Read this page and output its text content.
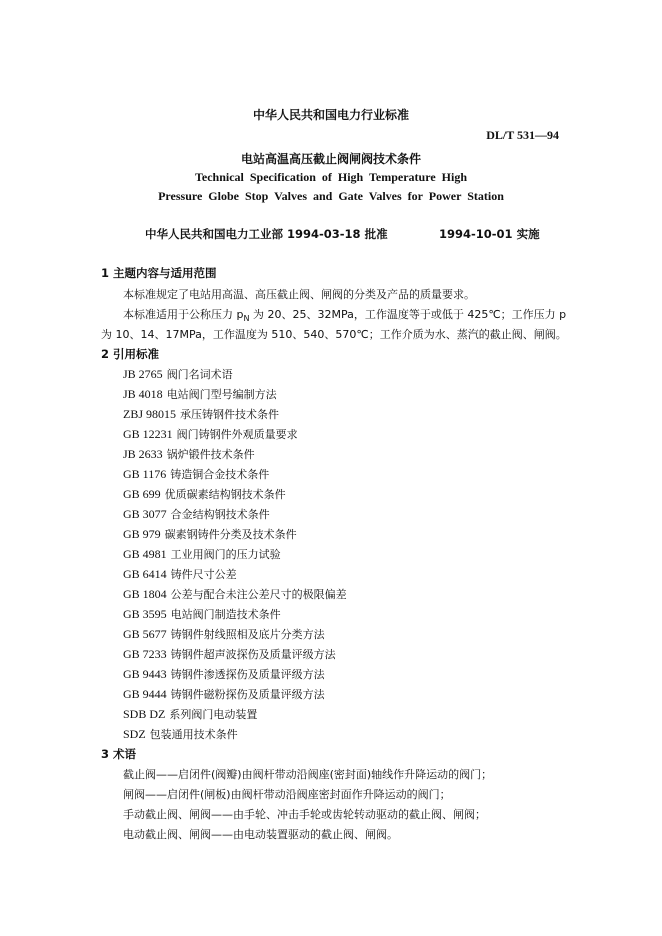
中华人民共和国电力行业标准
DL/T 531—94
电站高温高压截止阀闸阀技术条件
Technical Specification of High Temperature High
Pressure Globe Stop Valves and Gate Valves for Power Station
中华人民共和国电力工业部 1994-03-18 批准	1994-10-01 实施
1 主题内容与适用范围
本标准规定了电站用高温、高压截止阀、闸阀的分类及产品的质量要求。
本标准适用于公称压力 $p_N$ 为 20、25、32MPa，工作温度等于或低于 425℃；工作压力 p
为 10、14、17MPa，工作温度为 510、540、570℃；工作介质为水、蒸汽的截止阀、闸阀。
2 引用标准
JB 2765 阀门名词术语
JB 4018 电站阀门型号编制方法
ZBJ 98015 承压铸钢件技术条件
GB 12231 阀门铸钢件外观质量要求
JB 2633 锅炉锻件技术条件
GB 1176 铸造铜合金技术条件
GB 699 优质碳素结构钢技术条件
GB 3077 合金结构钢技术条件
GB 979 碳素钢铸件分类及技术条件
GB 4981 工业用阀门的压力试验
GB 6414 铸件尺寸公差
GB 1804 公差与配合未注公差尺寸的极限偏差
GB 3595 电站阀门制造技术条件
GB 5677 铸钢件射线照相及底片分类方法
GB 7233 铸钢件超声波探伤及质量评级方法
GB 9443 铸钢件渗透探伤及质量评级方法
GB 9444 铸钢件磁粉探伤及质量评级方法
SDB DZ 系列阀门电动装置
SDZ 包装通用技术条件
3 术语
截止阀——启闭件(阀瓣)由阀杆带动沿阀座(密封面)轴线作升降运动的阀门；
闸阀——启闭件(闸板)由阀杆带动沿阀座密封面作升降运动的阀门；
手动截止阀、闸阀——由手轮、冲击手轮或齿轮转动驱动的截止阀、闸阀；
电动截止阀、闸阀——由电动装置驱动的截止阀、闸阀。
